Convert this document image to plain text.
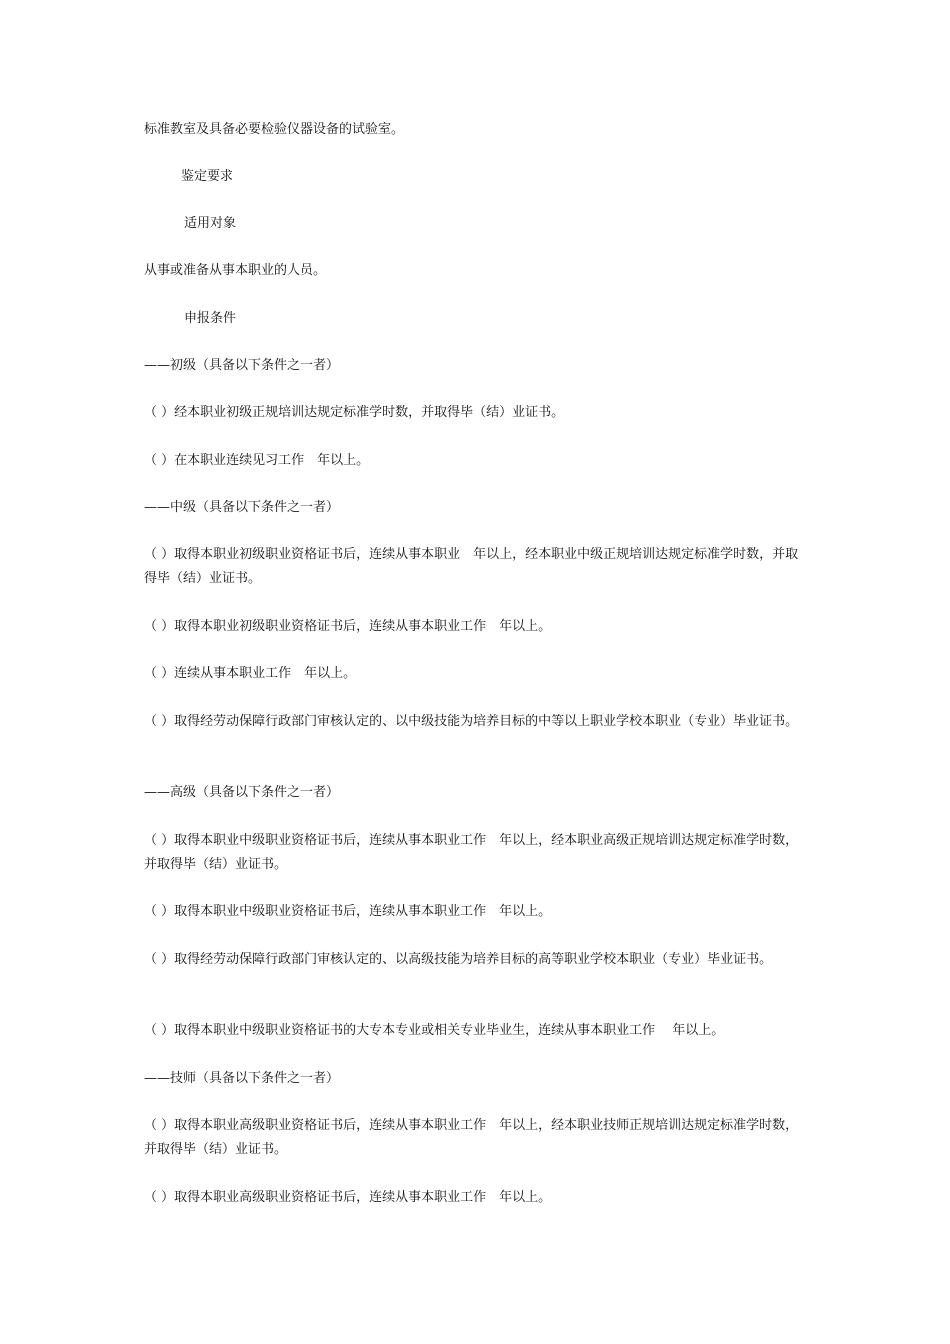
标准教室及具备必要检验仪器设备的试验室。

鉴定要求

适用对象

从事或准备从事本职业的人员。

申报条件

——初级（具备以下条件之一者）

（ ）经本职业初级正规培训达规定标准学时数，并取得毕（结）业证书。

（ ）在本职业连续见习工作　年以上。

——中级（具备以下条件之一者）

（ ）取得本职业初级职业资格证书后，连续从事本职业　年以上，经本职业中级正规培训达规定标准学时数，并取得毕（结）业证书。

（ ）取得本职业初级职业资格证书后，连续从事本职业工作　年以上。

（ ）连续从事本职业工作　年以上。

（ ）取得经劳动保障行政部门审核认定的、以中级技能为培养目标的中等以上职业学校本职业（专业）毕业证书。

——高级（具备以下条件之一者）

（ ）取得本职业中级职业资格证书后，连续从事本职业工作　年以上，经本职业高级正规培训达规定标准学时数，并取得毕（结）业证书。

（ ）取得本职业中级职业资格证书后，连续从事本职业工作　年以上。

（ ）取得经劳动保障行政部门审核认定的、以高级技能为培养目标的高等职业学校本职业（专业）毕业证书。

（ ）取得本职业中级职业资格证书的大专本专业或相关专业毕业生，连续从事本职业工作　 年以上。

——技师（具备以下条件之一者）

（ ）取得本职业高级职业资格证书后，连续从事本职业工作　年以上，经本职业技师正规培训达规定标准学时数，并取得毕（结）业证书。

（ ）取得本职业高级职业资格证书后，连续从事本职业工作　年以上。
